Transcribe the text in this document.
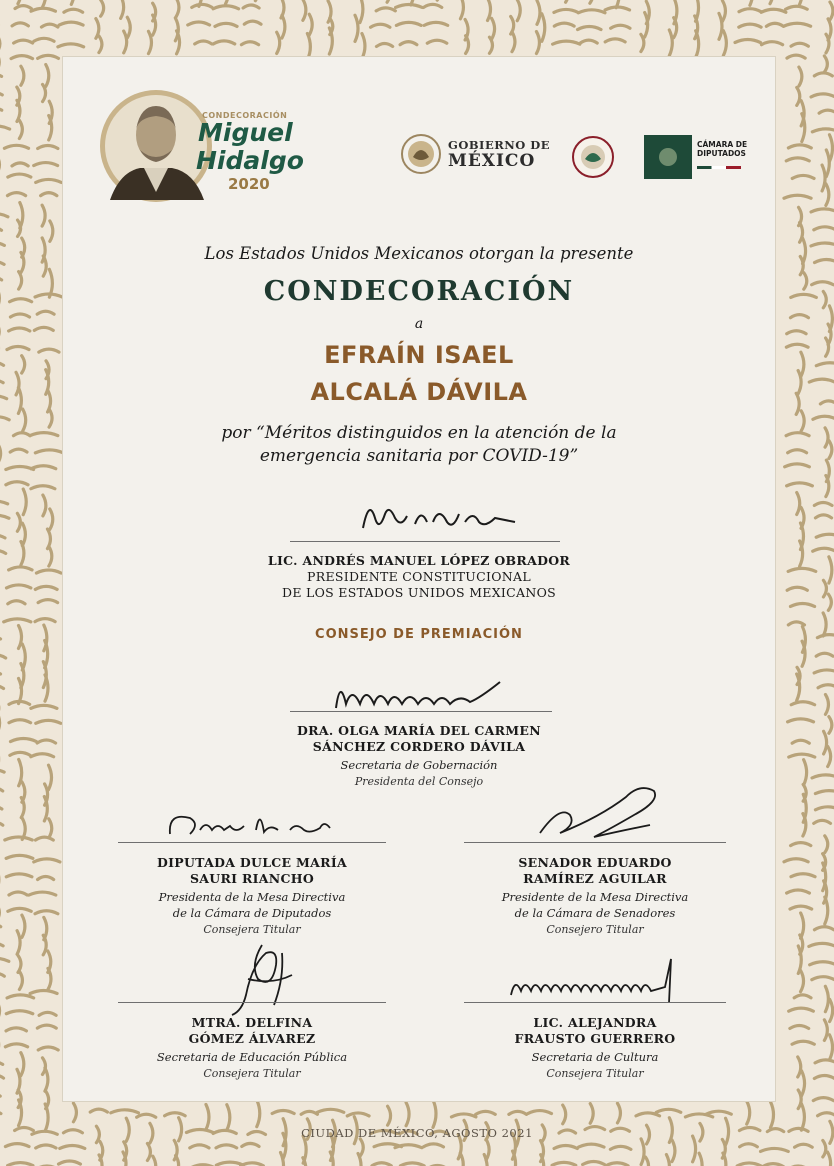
CONDECORACIÓN
Miguel
Hidalgo
2020
GOBIERNO DE
MÉXICO
CÁMARA DE
DIPUTADOS
Los Estados Unidos Mexicanos otorgan la presente
CONDECORACIÓN
a
EFRAÍN ISAEL
ALCALÁ DÁVILA
por “Méritos distinguidos en la atención de la
emergencia sanitaria por COVID-19”
LIC. ANDRÉS MANUEL LÓPEZ OBRADOR
PRESIDENTE CONSTITUCIONAL
DE LOS ESTADOS UNIDOS MEXICANOS
CONSEJO DE PREMIACIÓN
DRA. OLGA MARÍA DEL CARMEN
SÁNCHEZ CORDERO DÁVILA
Secretaria de Gobernación
Presidenta del Consejo
DIPUTADA DULCE MARÍA
SAURI RIANCHO
Presidenta de la Mesa Directiva
de la Cámara de Diputados
Consejera Titular
SENADOR EDUARDO
RAMÍREZ AGUILAR
Presidente de la Mesa Directiva
de la Cámara de Senadores
Consejero Titular
MTRA. DELFINA
GÓMEZ ÁLVAREZ
Secretaria de Educación Pública
Consejera Titular
LIC. ALEJANDRA
FRAUSTO GUERRERO
Secretaria de Cultura
Consejera Titular
CIUDAD DE MÉXICO, AGOSTO 2021
